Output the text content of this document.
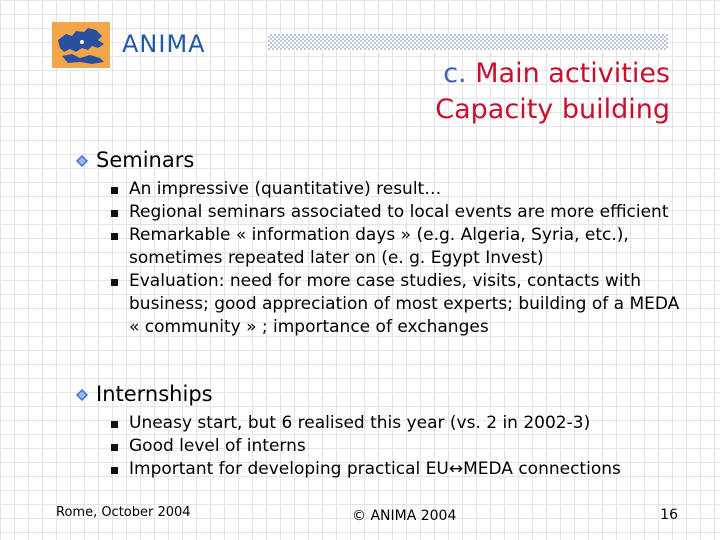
ANIMA
c. Main activities
Capacity building
Seminars
An impressive (quantitative) result…
Regional seminars associated to local events are more efficient
Remarkable « information days » (e.g. Algeria, Syria, etc.), sometimes repeated later on (e. g. Egypt Invest)
Evaluation: need for more case studies, visits, contacts with business; good appreciation of most experts; building of a MEDA « community » ; importance of exchanges
Internships
Uneasy start, but 6 realised this year (vs. 2 in 2002-3)
Good level of interns
Important for developing practical EU↔MEDA connections
Rome, October 2004	© ANIMA 2004	16
